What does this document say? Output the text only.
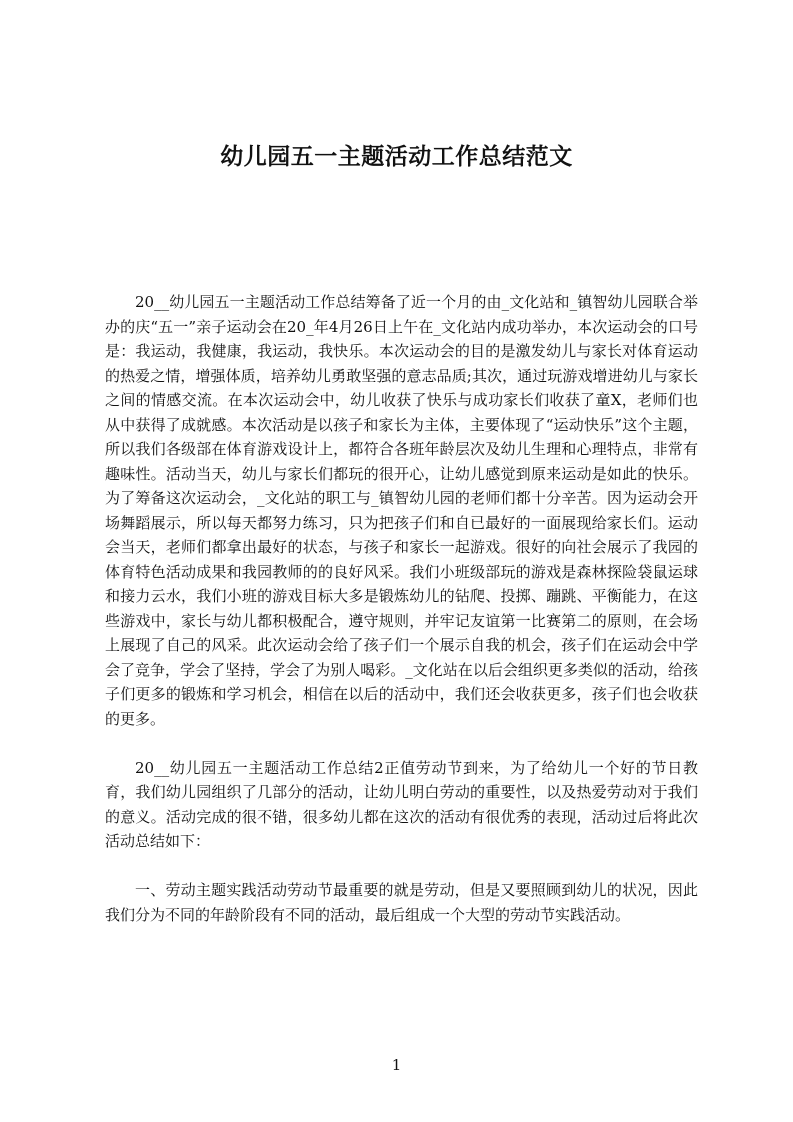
幼儿园五一主题活动工作总结范文

20__幼儿园五一主题活动工作总结筹备了近一个月的由_文化站和_镇智幼儿园联合举办的庆“五一”亲子运动会在20_年4月26日上午在_文化站内成功举办，本次运动会的口号是：我运动，我健康，我运动，我快乐。本次运动会的目的是激发幼儿与家长对体育运动的热爱之情，增强体质，培养幼儿勇敢坚强的意志品质;其次，通过玩游戏增进幼儿与家长之间的情感交流。在本次运动会中，幼儿收获了快乐与成功家长们收获了童X，老师们也从中获得了成就感。本次活动是以孩子和家长为主体，主要体现了“运动快乐”这个主题，所以我们各级部在体育游戏设计上，都符合各班年龄层次及幼儿生理和心理特点，非常有趣味性。活动当天，幼儿与家长们都玩的很开心，让幼儿感觉到原来运动是如此的快乐。为了筹备这次运动会，_文化站的职工与_镇智幼儿园的老师们都十分辛苦。因为运动会开场舞蹈展示，所以每天都努力练习，只为把孩子们和自已最好的一面展现给家长们。运动会当天，老师们都拿出最好的状态，与孩子和家长一起游戏。很好的向社会展示了我园的体育特色活动成果和我园教师的的良好风采。我们小班级部玩的游戏是森林探险袋鼠运球和接力云水，我们小班的游戏目标大多是锻炼幼儿的钻爬、投掷、蹦跳、平衡能力，在这些游戏中，家长与幼儿都积极配合，遵守规则，并牢记友谊第一比赛第二的原则，在会场上展现了自己的风采。此次运动会给了孩子们一个展示自我的机会，孩子们在运动会中学会了竞争，学会了坚持，学会了为别人喝彩。_文化站在以后会组织更多类似的活动，给孩子们更多的锻炼和学习机会，相信在以后的活动中，我们还会收获更多，孩子们也会收获的更多。

20__幼儿园五一主题活动工作总结2正值劳动节到来，为了给幼儿一个好的节日教育，我们幼儿园组织了几部分的活动，让幼儿明白劳动的重要性，以及热爱劳动对于我们的意义。活动完成的很不错，很多幼儿都在这次的活动有很优秀的表现，活动过后将此次活动总结如下：

一、劳动主题实践活动劳动节最重要的就是劳动，但是又要照顾到幼儿的状况，因此我们分为不同的年龄阶段有不同的活动，最后组成一个大型的劳动节实践活动。

1
